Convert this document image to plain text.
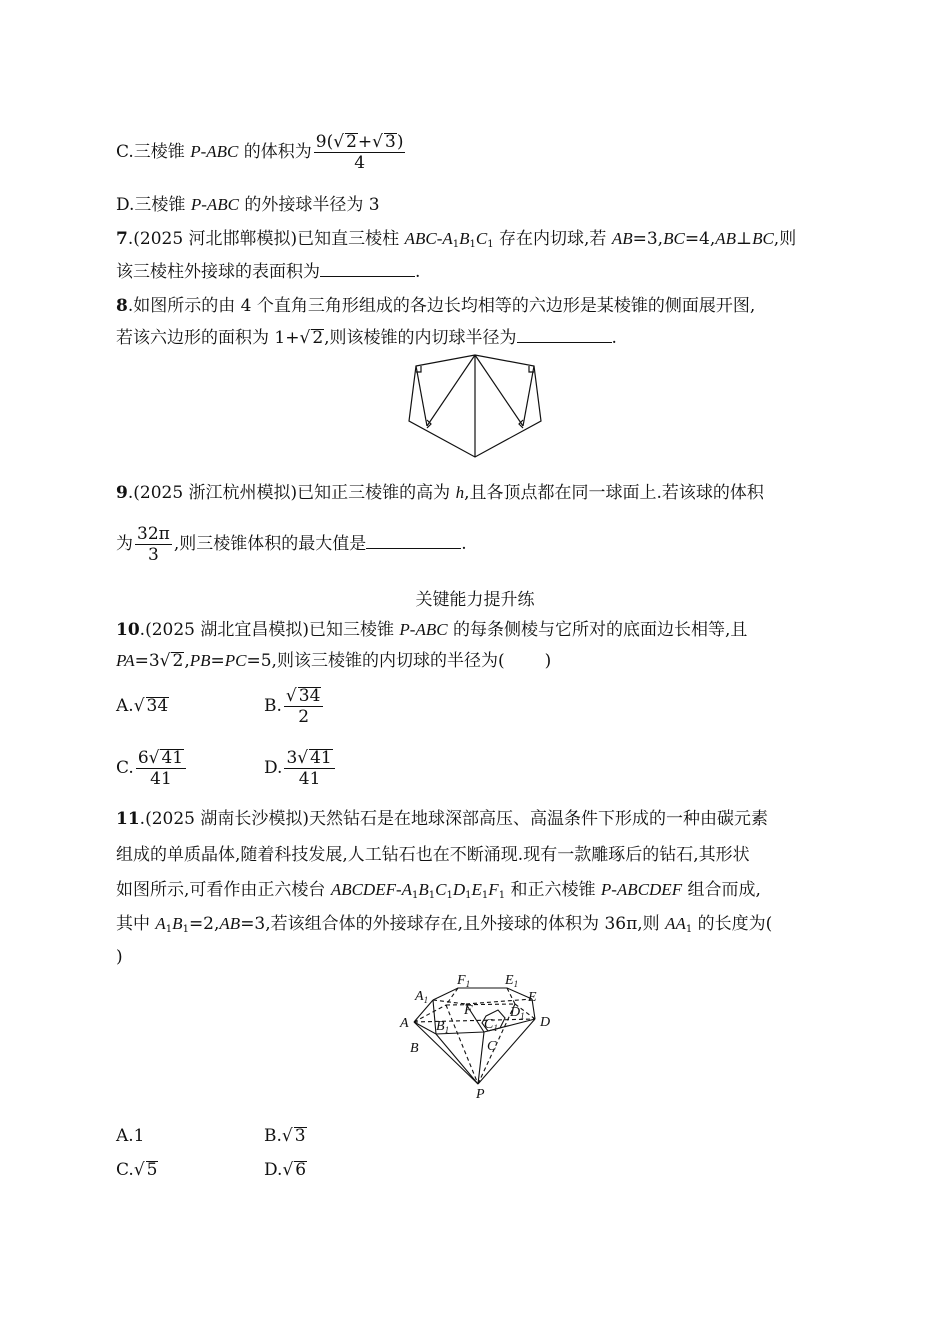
C.三棱锥 P-ABC 的体积为 $\frac{9(√ 2+√ 3)}{4}$
D.三棱锥 P-ABC 的外接球半径为 3
7.(2025 河北邯郸模拟)已知直三棱柱 ABC-$A_1B_1C_1$ 存在内切球,若 AB=3,BC=4,AB⊥BC,则
该三棱柱外接球的表面积为	.
8.如图所示的由 4 个直角三角形组成的各边长均相等的六边形是某棱锥的侧面展开图,
若该六边形的面积为 1+√ 2,则该棱锥的内切球半径为	.
9.(2025 浙江杭州模拟)已知正三棱锥的高为 h,且各顶点都在同一球面上.若该球的体积
为 $\frac{32\pi}{3}$ ,则三棱锥体积的最大值是	.
关键能力提升练
10.(2025 湖北宜昌模拟)已知三棱锥 P-ABC 的每条侧棱与它所对的底面边长相等,且
PA=3√ 2,PB=PC=5,则该三棱锥的内切球的半径为( )
A.√ 34	B. $\frac{√ 34}{2}$
C. $\frac{6√ 41}{41}$	D. $\frac{3√ 41}{41}$
11.(2025 湖南长沙模拟)天然钻石是在地球深部高压、高温条件下形成的一种由碳元素
组成的单质晶体,随着科技发展,人工钻石也在不断涌现.现有一款雕琢后的钻石,其形状
如图所示,可看作由正六棱台 ABCDEF-$A_1B_1C_1D_1E_1F_1$ 和正六棱锥 P-ABCDEF 组合而成,
其中 $A_1B_1=2,AB=3$,若该组合体的外接球存在,且外接球的体积为 36π,则 $AA_1$ 的长度为(
)
$A_1$
$F_1$ $E_1$
$B_1$ $C_1$
$D_1$
A
B	C
D
E
F
P
A.1	B.√ 3
C.√ 5	D.√ 6
